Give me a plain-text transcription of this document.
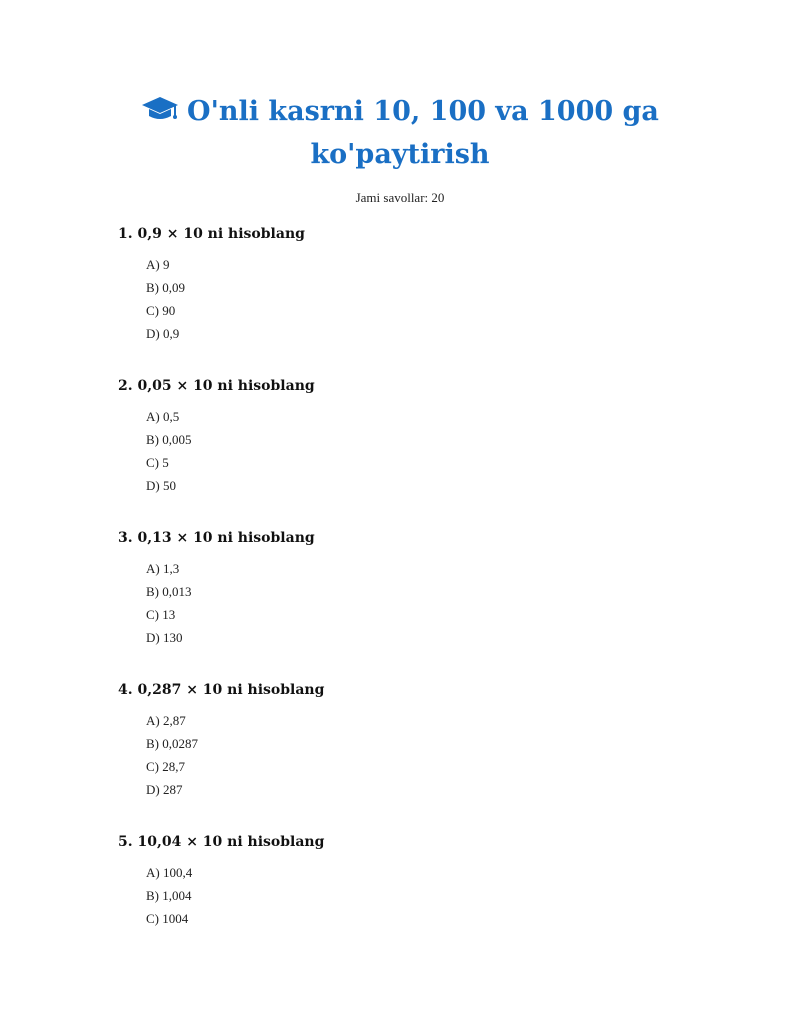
O'nli kasrni 10, 100 va 1000 ga
ko'paytirish
Jami savollar: 20
1. 0,9 × 10 ni hisoblang
A) 9
B) 0,09
C) 90
D) 0,9
2. 0,05 × 10 ni hisoblang
A) 0,5
B) 0,005
C) 5
D) 50
3. 0,13 × 10 ni hisoblang
A) 1,3
B) 0,013
C) 13
D) 130
4. 0,287 × 10 ni hisoblang
A) 2,87
B) 0,0287
C) 28,7
D) 287
5. 10,04 × 10 ni hisoblang
A) 100,4
B) 1,004
C) 1004
